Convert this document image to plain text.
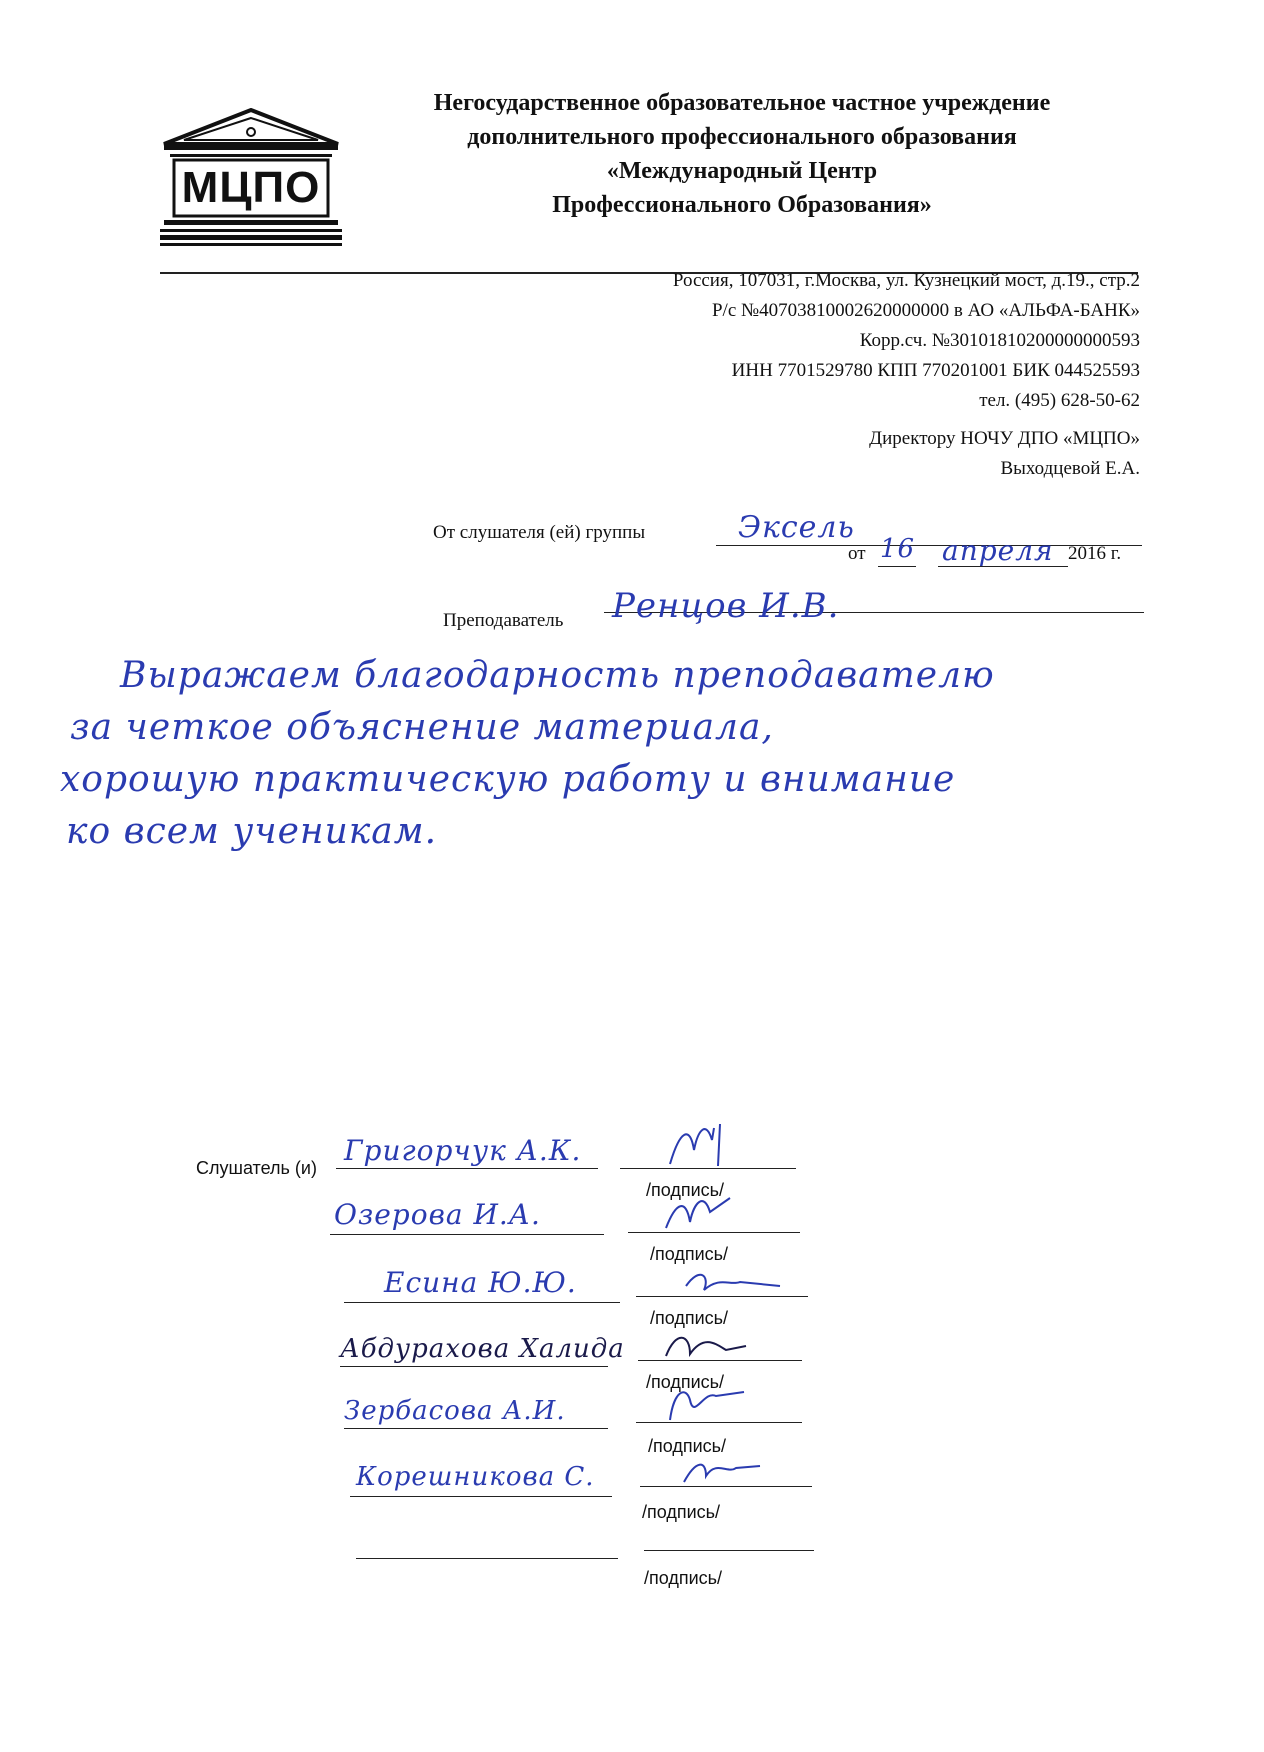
МЦПО
Негосударственное образовательное частное учреждение
дополнительного профессионального образования
«Международный Центр
Профессионального Образования»
Россия, 107031, г.Москва, ул. Кузнецкий мост, д.19., стр.2
Р/с №40703810002620000000 в АО «АЛЬФА-БАНК»
Корр.сч. №30101810200000000593
ИНН 7701529780 КПП 770201001 БИК 044525593
тел. (495) 628-50-62
Директору НОЧУ ДПО «МЦПО»
Выходцевой Е.А.
От слушателя (ей) группы	Эксель
от 16 апреля 2016 г.
Преподаватель Ренцов И.В.
Выражаем благодарность преподавателю
за четкое объяснение материала,
хорошую практическую работу и внимание
ко всем ученикам.
Слушатель (и)
Григорчук А.К.
/подпись/
Озерова И.А.
/подпись/
Есина Ю.Ю.
/подпись/
Абдурахова Халида
/подпись/
Зербасова А.И.
/подпись/
Корешникова С.
/подпись/
/подпись/
